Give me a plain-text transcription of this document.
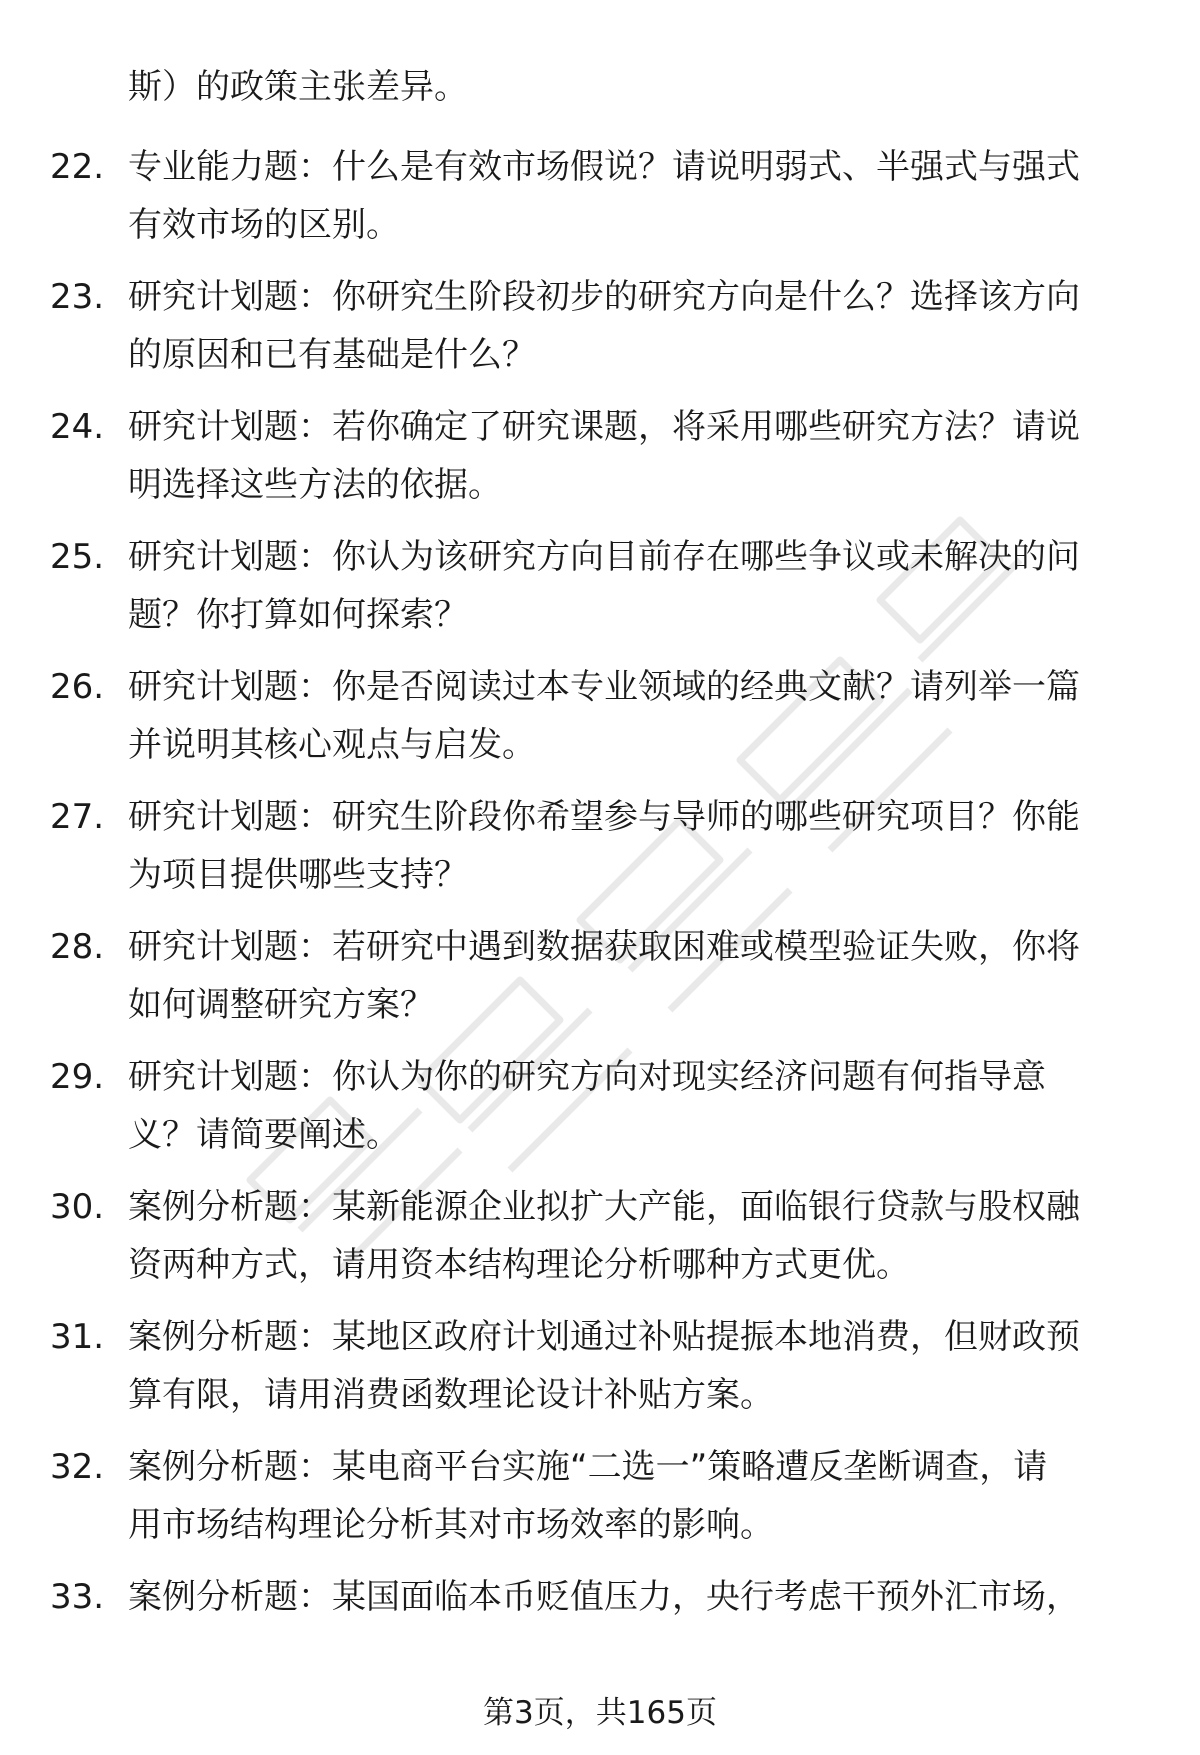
斯）的政策主张差异。
22. 专业能力题：什么是有效市场假说？请说明弱式、半强式与强式
有效市场的区别。
23. 研究计划题：你研究生阶段初步的研究方向是什么？选择该方向
的原因和已有基础是什么？
24. 研究计划题：若你确定了研究课题，将采用哪些研究方法？请说
明选择这些方法的依据。
25. 研究计划题：你认为该研究方向目前存在哪些争议或未解决的问
题？你打算如何探索？
26. 研究计划题：你是否阅读过本专业领域的经典文献？请列举一篇
并说明其核心观点与启发。
27. 研究计划题：研究生阶段你希望参与导师的哪些研究项目？你能
为项目提供哪些支持？
28. 研究计划题：若研究中遇到数据获取困难或模型验证失败，你将
如何调整研究方案？
29. 研究计划题：你认为你的研究方向对现实经济问题有何指导意
义？请简要阐述。
30. 案例分析题：某新能源企业拟扩大产能，面临银行贷款与股权融
资两种方式，请用资本结构理论分析哪种方式更优。
31. 案例分析题：某地区政府计划通过补贴提振本地消费，但财政预
算有限，请用消费函数理论设计补贴方案。
32. 案例分析题：某电商平台实施“二选一”策略遭反垄断调查，请
用市场结构理论分析其对市场效率的影响。
33. 案例分析题：某国面临本币贬值压力，央行考虑干预外汇市场，
第3页，共165页
